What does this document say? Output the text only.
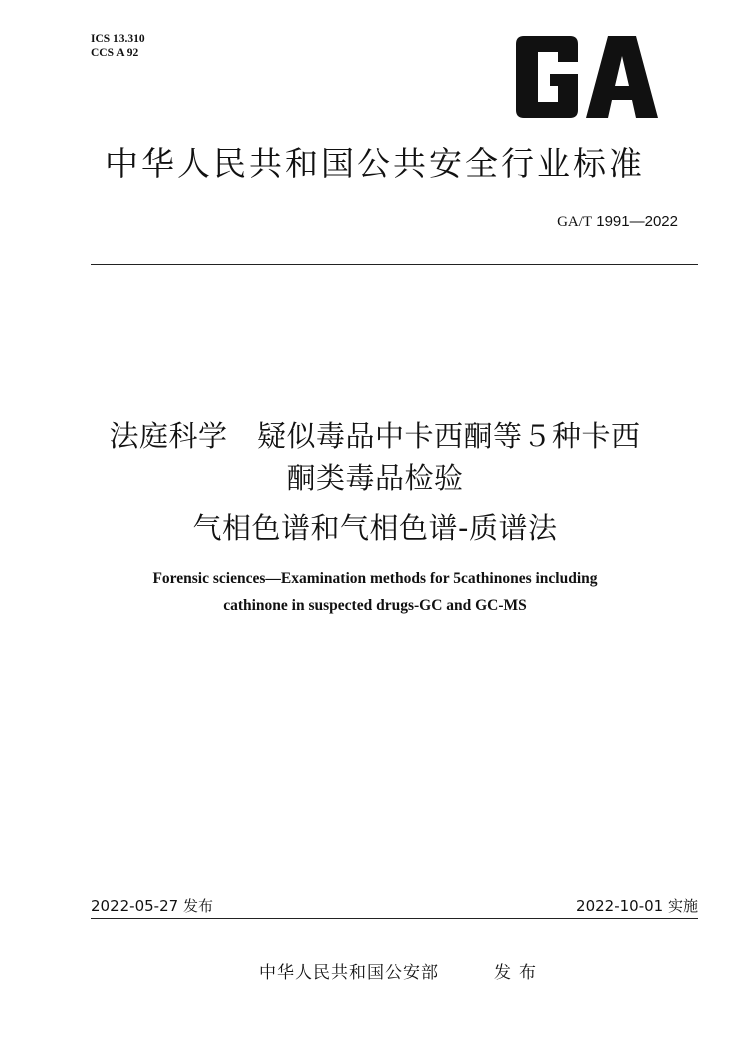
ICS 13.310
CCS A 92
中华人民共和国公共安全行业标准
GA/T 1991—2022
法庭科学　疑似毒品中卡西酮等５种卡西
酮类毒品检验
气相色谱和气相色谱-质谱法
Forensic sciences—Examination methods for 5cathinones including
cathinone in suspected drugs-GC and GC-MS
2022-05-27 发布	2022-10-01 实施
中华人民共和国公安部	发布
